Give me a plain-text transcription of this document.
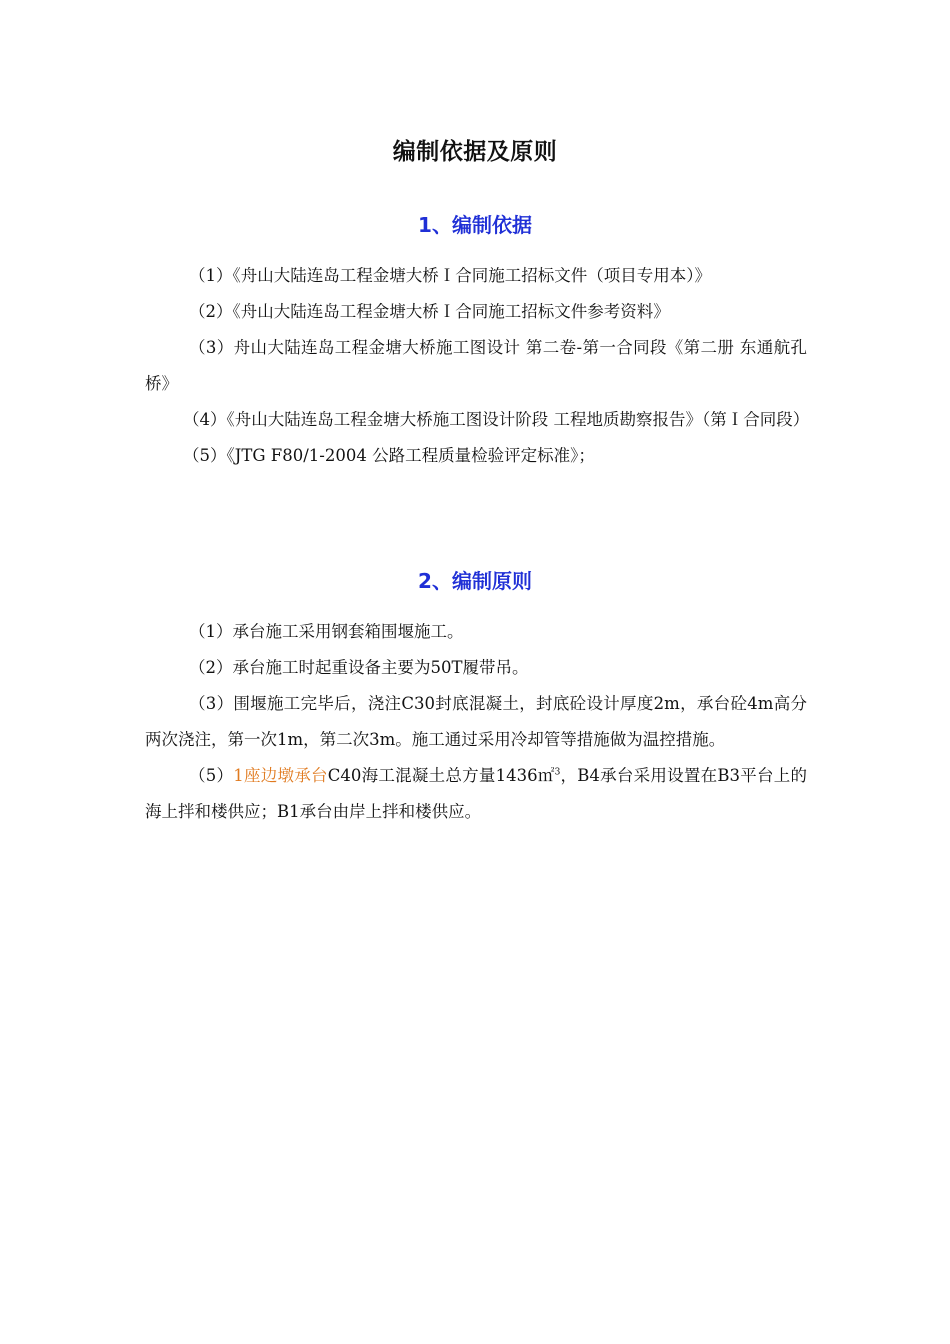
编制依据及原则
1、编制依据

（1）《舟山大陆连岛工程金塘大桥Ｉ合同施工招标文件（项目专用本）》

（2）《舟山大陆连岛工程金塘大桥Ｉ合同施工招标文件参考资料》

（3）舟山大陆连岛工程金塘大桥施工图设计 第二卷-第一合同段《第二册 东通航孔桥》

（4）《舟山大陆连岛工程金塘大桥施工图设计阶段 工程地质勘察报告》（第Ｉ合同段）

（5）《JTG F80/1-2004 公路工程质量检验评定标准》；

2、编制原则

（1）承台施工采用钢套箱围堰施工。

（2）承台施工时起重设备主要为50T履带吊。

（3）围堰施工完毕后，浇注C30封底混凝土，封底砼设计厚度2m，承台砼4m高分两次浇注，第一次1m，第二次3m。施工通过采用冷却管等措施做为温控措施。

（5）1座边墩承台C40海工混凝土总方量1436㎡$^3$，B4承台采用设置在B3平台上的海上拌和楼供应；B1承台由岸上拌和楼供应。
